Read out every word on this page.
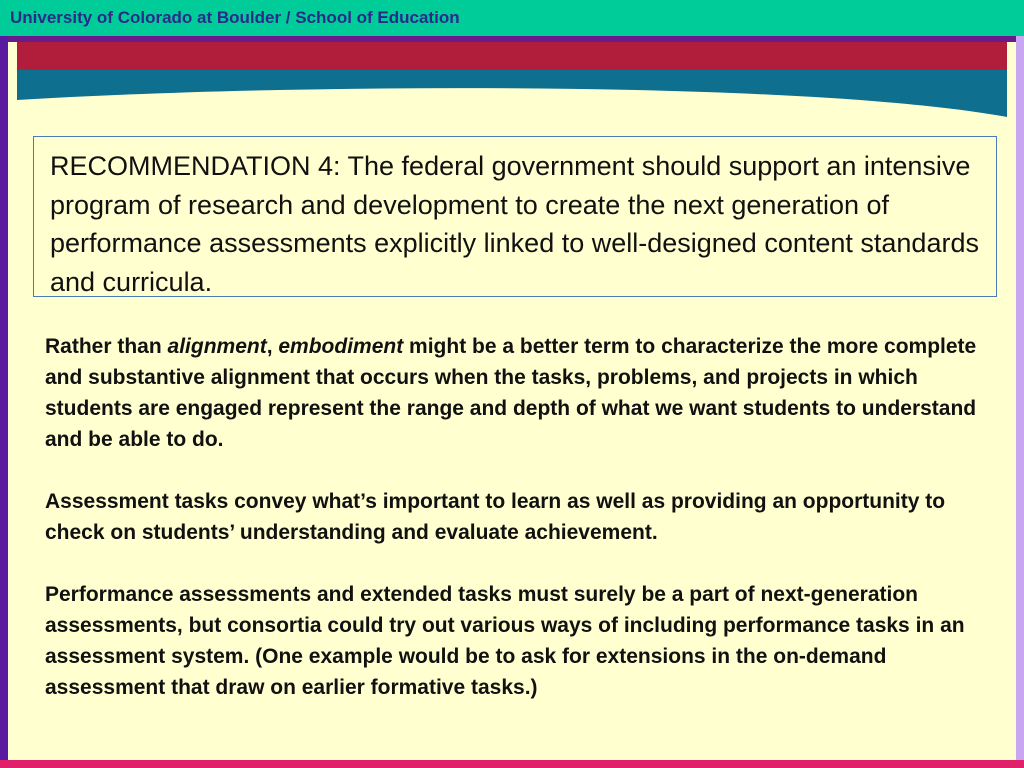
University of Colorado at Boulder / School of Education
RECOMMENDATION 4: The federal government should support an intensive program of research and development to create the next generation of performance assessments explicitly linked to well-designed content standards and curricula.

Rather than alignment, embodiment might be a better term to characterize the more complete and substantive alignment that occurs when the tasks, problems, and projects in which students are engaged represent the range and depth of what we want students to understand and be able to do.

Assessment tasks convey what’s important to learn as well as providing an opportunity to check on students’ understanding and evaluate achievement.

Performance assessments and extended tasks must surely be a part of next-generation assessments, but consortia could try out various ways of including performance tasks in an assessment system. (One example would be to ask for extensions in the on-demand assessment that draw on earlier formative tasks.)
